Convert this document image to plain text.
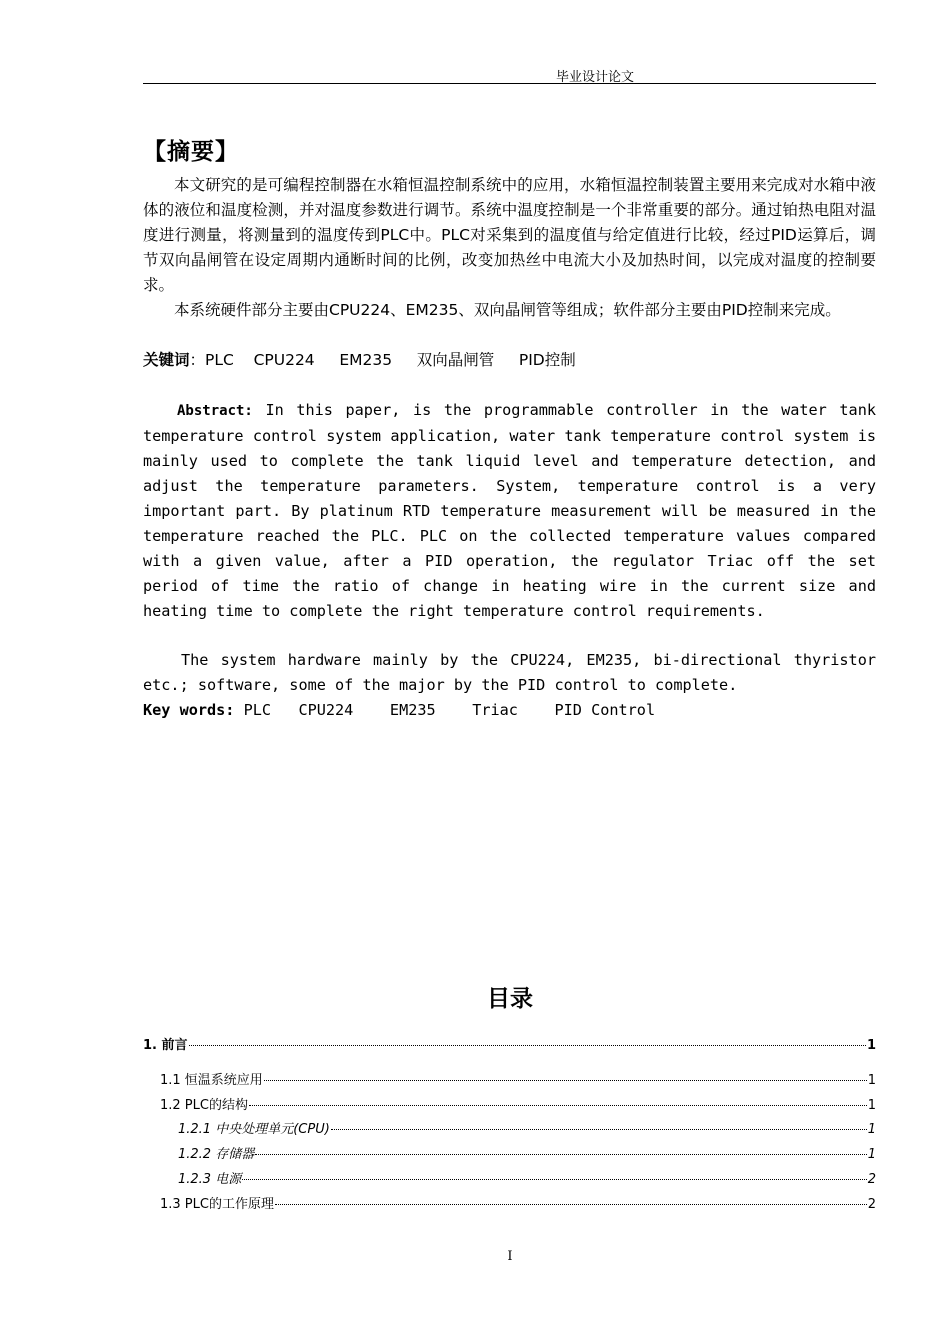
毕业设计论文
【摘要】

本文研究的是可编程控制器在水箱恒温控制系统中的应用，水箱恒温控制装置主要用来完成对水箱中液体的液位和温度检测，并对温度参数进行调节。系统中温度控制是一个非常重要的部分。通过铂热电阻对温度进行测量，将测量到的温度传到PLC中。PLC对采集到的温度值与给定值进行比较，经过PID运算后，调节双向晶闸管在设定周期内通断时间的比例，改变加热丝中电流大小及加热时间，以完成对温度的控制要求。

本系统硬件部分主要由CPU224、EM235、双向晶闸管等组成；软件部分主要由PID控制来完成。

关键词：PLC CPU224 EM235 双向晶闸管 PID控制

Abstract: In this paper, is the programmable controller in the water tank temperature control system application, water tank temperature control system is mainly used to complete the tank liquid level and temperature detection, and adjust the temperature parameters. System, temperature control is a very important part. By platinum RTD temperature measurement will be measured in the temperature reached the PLC. PLC on the collected temperature values compared with a given value, after a PID operation, the regulator Triac off the set period of time the ratio of change in heating wire in the current size and heating time to complete the right temperature control requirements.

The system hardware mainly by the CPU224, EM235, bi-directional thyristor etc.; software, some of the major by the PID control to complete.

Key words: PLC CPU224 EM235 Triac PID Control
目录
1. 前言	1
1.1 恒温系统应用	1
1.2 PLC的结构	1
1.2.1 中央处理单元(CPU)	1
1.2.2 存储器	1
1.2.3 电源	2
1.3 PLC的工作原理	2
I
